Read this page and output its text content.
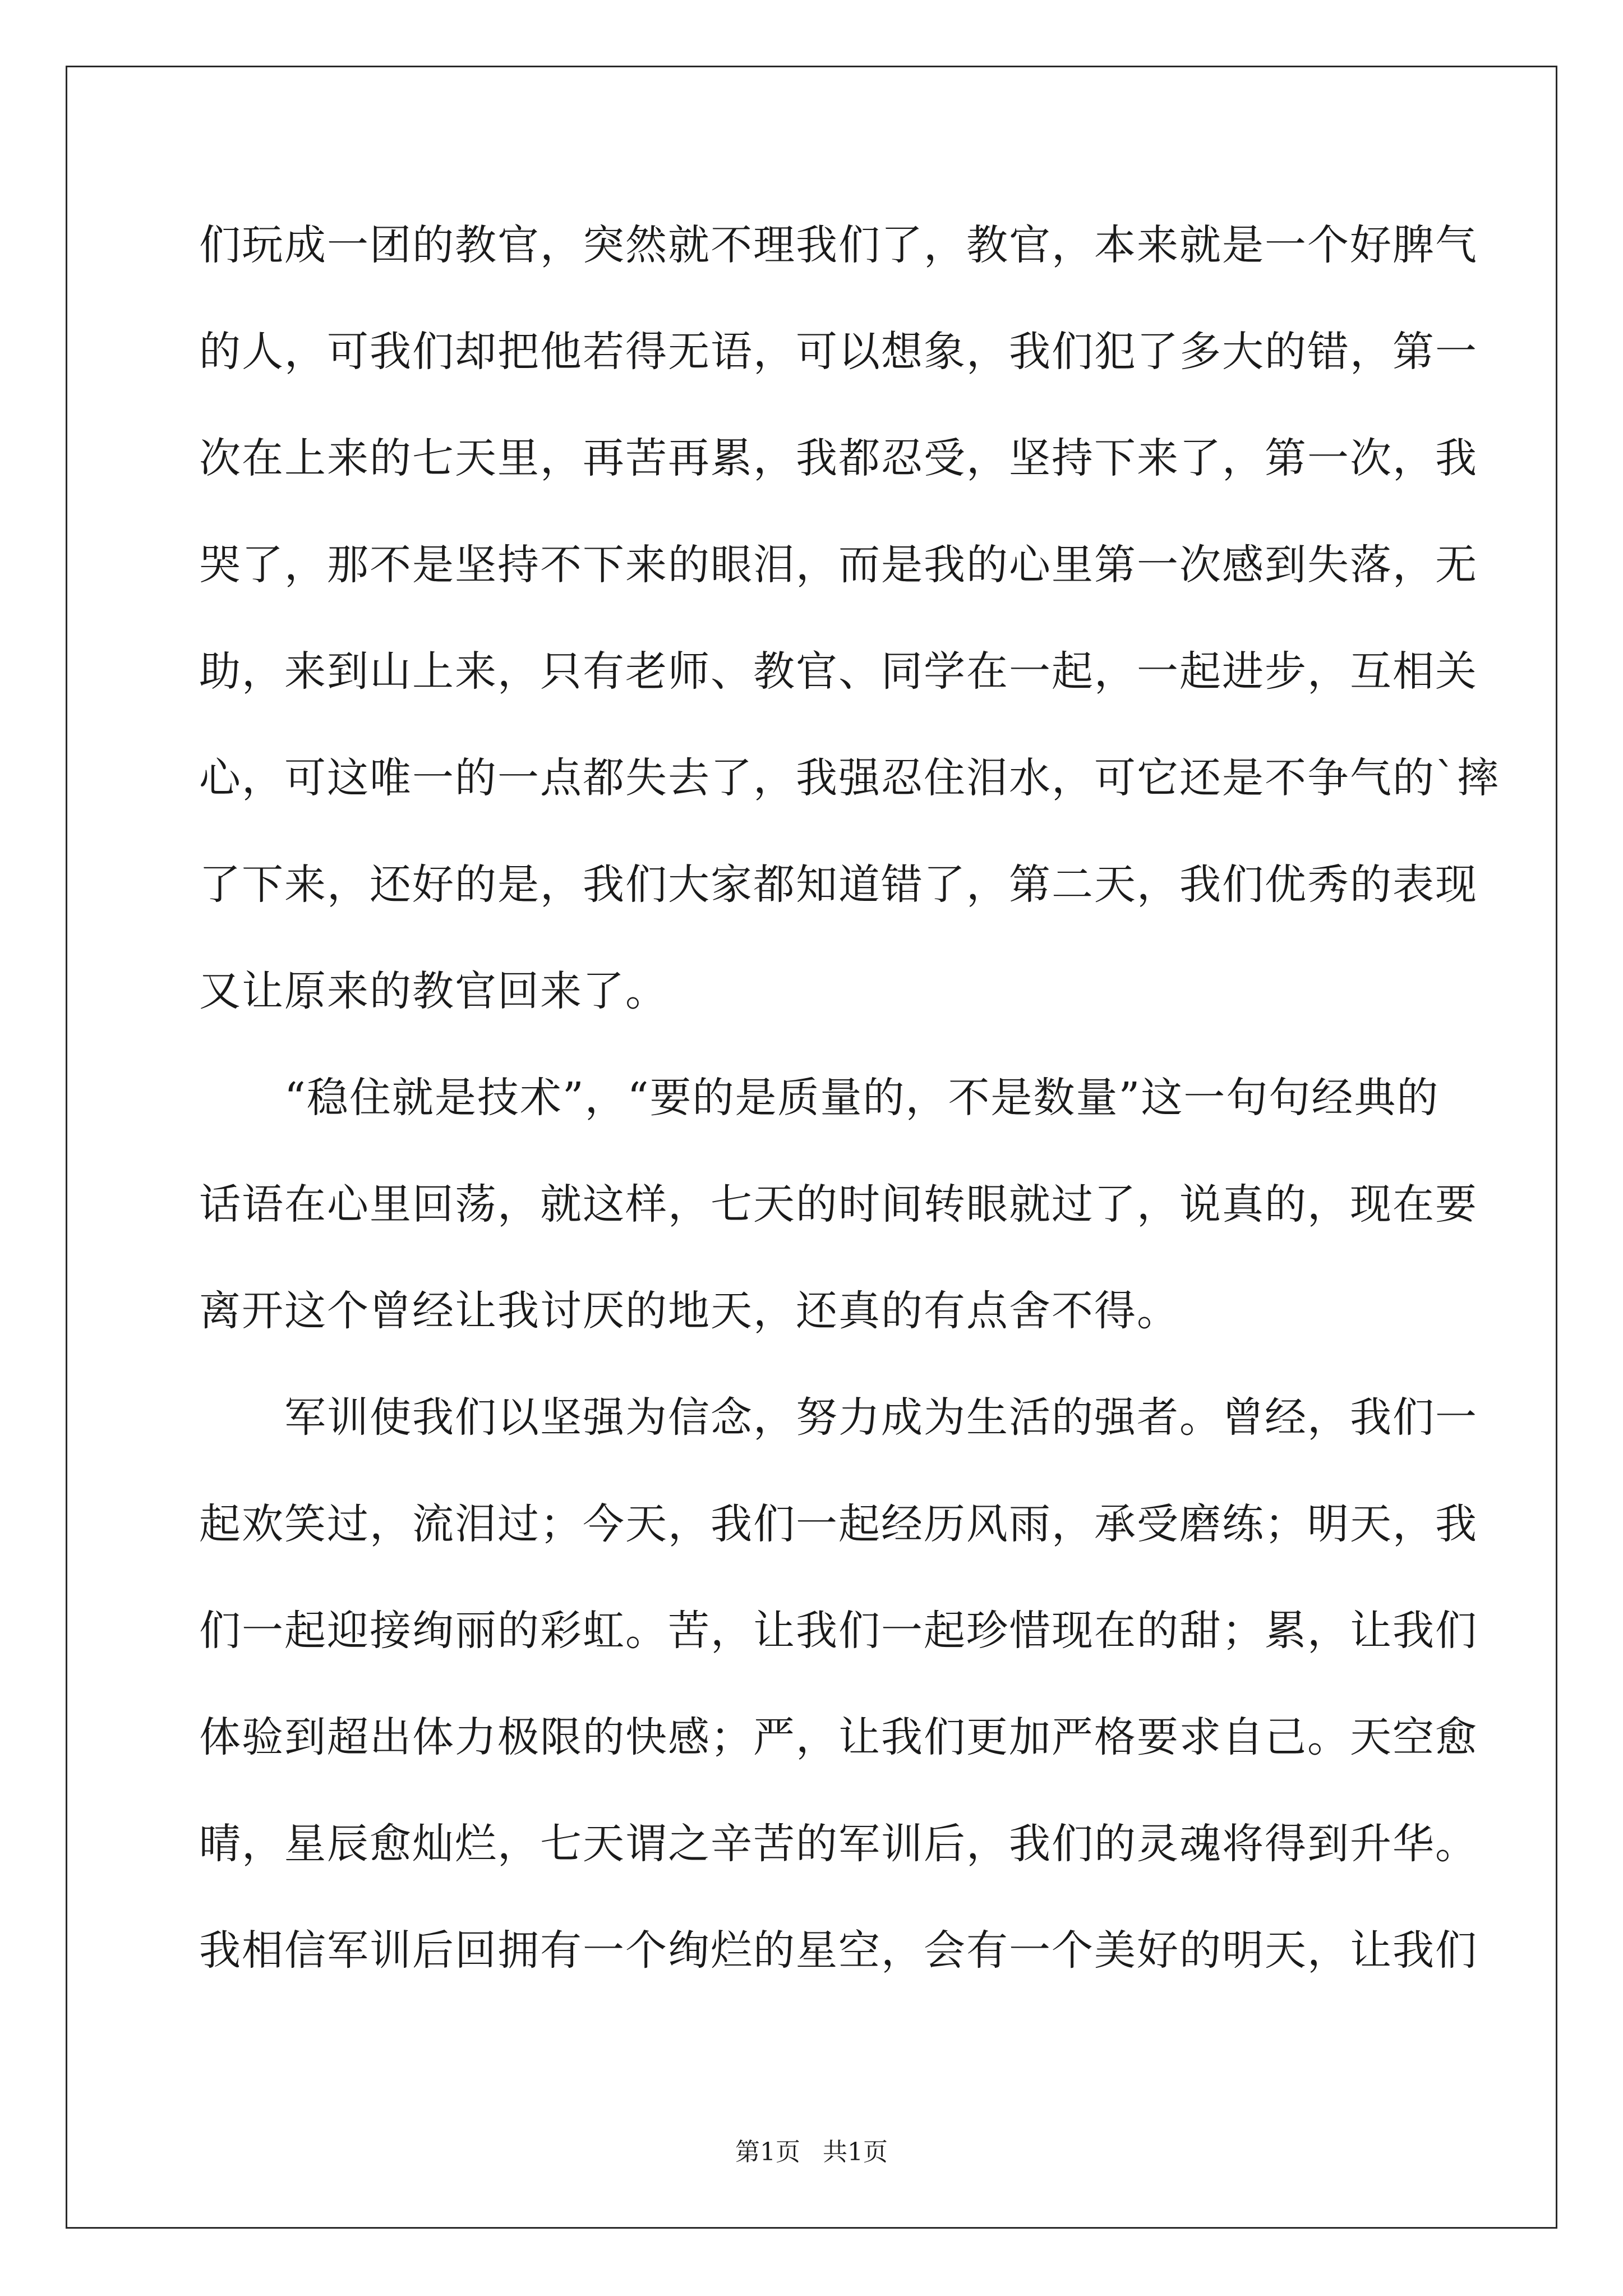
们玩成一团的教官，突然就不理我们了，教官，本来就是一个好脾气
的人，可我们却把他若得无语，可以想象，我们犯了多大的错，第一
次在上来的七天里，再苦再累，我都忍受，坚持下来了，第一次，我
哭了，那不是坚持不下来的眼泪，而是我的心里第一次感到失落，无
助，来到山上来，只有老师、教官、同学在一起，一起进步，互相关
心，可这唯一的一点都失去了，我强忍住泪水，可它还是不争气的`摔
了下来，还好的是，我们大家都知道错了，第二天，我们优秀的表现
又让原来的教官回来了。
　　“稳住就是技术”，“要的是质量的，不是数量”这一句句经典的
话语在心里回荡，就这样，七天的时间转眼就过了，说真的，现在要
离开这个曾经让我讨厌的地天，还真的有点舍不得。
　　军训使我们以坚强为信念，努力成为生活的强者。曾经，我们一
起欢笑过，流泪过；今天，我们一起经历风雨，承受磨练；明天，我
们一起迎接绚丽的彩虹。苦，让我们一起珍惜现在的甜；累，让我们
体验到超出体力极限的快感；严，让我们更加严格要求自己。天空愈
晴，星辰愈灿烂，七天谓之辛苦的军训后，我们的灵魂将得到升华。
我相信军训后回拥有一个绚烂的星空，会有一个美好的明天，让我们
第1页 共1页
